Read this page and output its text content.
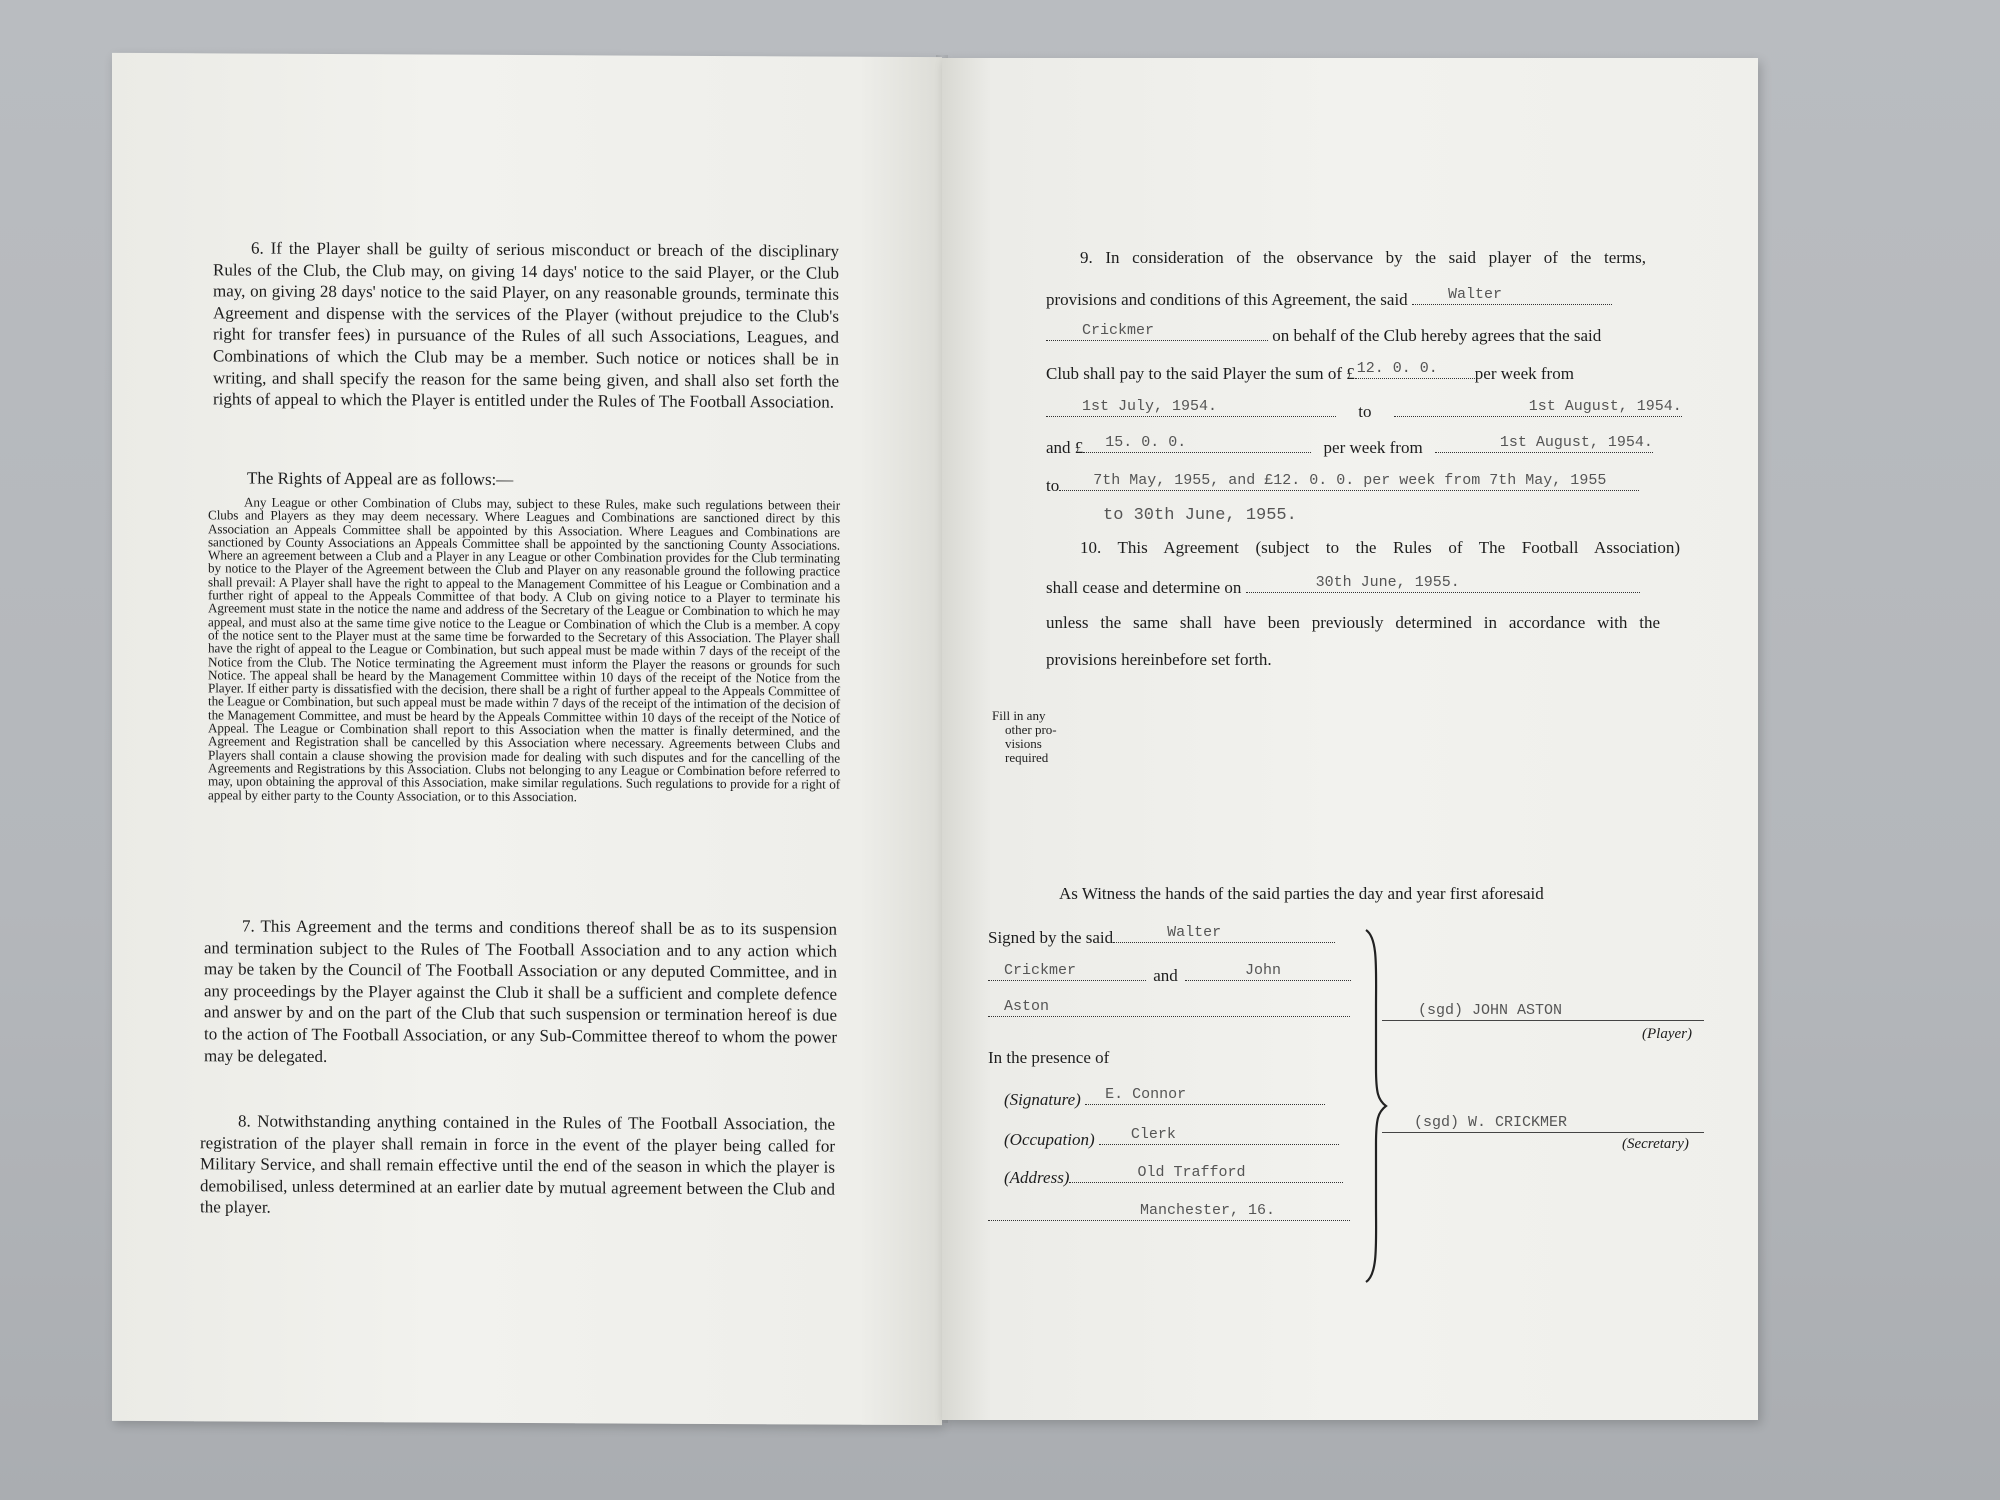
6. If the Player shall be guilty of serious misconduct or breach of the disciplinary Rules of the Club, the Club may, on giving 14 days' notice to the said Player, or the Club may, on giving 28 days' notice to the said Player, on any reasonable grounds, terminate this Agreement and dispense with the services of the Player (without prejudice to the Club's right for transfer fees) in pursuance of the Rules of all such Associations, Leagues, and Combinations of which the Club may be a member. Such notice or notices shall be in writing, and shall specify the reason for the same being given, and shall also set forth the rights of appeal to which the Player is entitled under the Rules of The Football Association.
The Rights of Appeal are as follows:—
Any League or other Combination of Clubs may, subject to these Rules, make such regulations between their Clubs and Players as they may deem necessary. Where Leagues and Combinations are sanctioned direct by this Association an Appeals Committee shall be appointed by this Association. Where Leagues and Combinations are sanctioned by County Associations an Appeals Committee shall be appointed by the sanctioning County Associations. Where an agreement between a Club and a Player in any League or other Combination provides for the Club terminating by notice to the Player of the Agreement between the Club and Player on any reasonable ground the following practice shall prevail: A Player shall have the right to appeal to the Management Committee of his League or Combination and a further right of appeal to the Appeals Committee of that body. A Club on giving notice to a Player to terminate his Agreement must state in the notice the name and address of the Secretary of the League or Combination to which he may appeal, and must also at the same time give notice to the League or Combination of which the Club is a member. A copy of the notice sent to the Player must at the same time be forwarded to the Secretary of this Association. The Player shall have the right of appeal to the League or Combination, but such appeal must be made within 7 days of the receipt of the Notice from the Club. The Notice terminating the Agreement must inform the Player the reasons or grounds for such Notice. The appeal shall be heard by the Management Committee within 10 days of the receipt of the Notice from the Player. If either party is dissatisfied with the decision, there shall be a right of further appeal to the Appeals Committee of the League or Combination, but such appeal must be made within 7 days of the receipt of the intimation of the decision of the Management Committee, and must be heard by the Appeals Committee within 10 days of the receipt of the Notice of Appeal. The League or Combination shall report to this Association when the matter is finally determined, and the Agreement and Registration shall be cancelled by this Association where necessary. Agreements between Clubs and Players shall contain a clause showing the provision made for dealing with such disputes and for the cancelling of the Agreements and Registrations by this Association. Clubs not belonging to any League or Combination before referred to may, upon obtaining the approval of this Association, make similar regulations. Such regulations to provide for a right of appeal by either party to the County Association, or to this Association.
7. This Agreement and the terms and conditions thereof shall be as to its suspension and termination subject to the Rules of The Football Association and to any action which may be taken by the Council of The Football Association or any deputed Committee, and in any proceedings by the Player against the Club it shall be a sufficient and complete defence and answer by and on the part of the Club that such suspension or termination hereof is due to the action of The Football Association, or any Sub-Committee thereof to whom the power may be delegated.
8. Notwithstanding anything contained in the Rules of The Football Association, the registration of the player shall remain in force in the event of the player being called for Military Service, and shall remain effective until the end of the season in which the player is demobilised, unless determined at an earlier date by mutual agreement between the Club and the player.
9. In consideration of the observance by the said player of the terms,
provisions and conditions of this Agreement, the said	Walter
Crickmer	on behalf of the Club hereby agrees that the said
Club shall pay to the said Player the sum of £ 12. 0. 0. per week from
1st July, 1954.	to	1st August, 1954.
and £ 15. 0. 0.	per week from	1st August, 1954.
to 7th May, 1955, and £12. 0. 0. per week from 7th May, 1955
to 30th June, 1955.
10. This Agreement (subject to the Rules of The Football Association)
shall cease and determine on	30th June, 1955.
unless the same shall have been previously determined in accordance with the
provisions hereinbefore set forth.
Fill in any
other pro-
visions
required
As Witness the hands of the said parties the day and year first aforesaid
Signed by the said	Walter
Crickmer	and	John
Aston
In the presence of
(Signature) E. Connor
(Occupation) Clerk
(Address)	Old Trafford
Manchester, 16.
(sgd) JOHN ASTON
(Player)
(sgd) W. CRICKMER
(Secretary)
